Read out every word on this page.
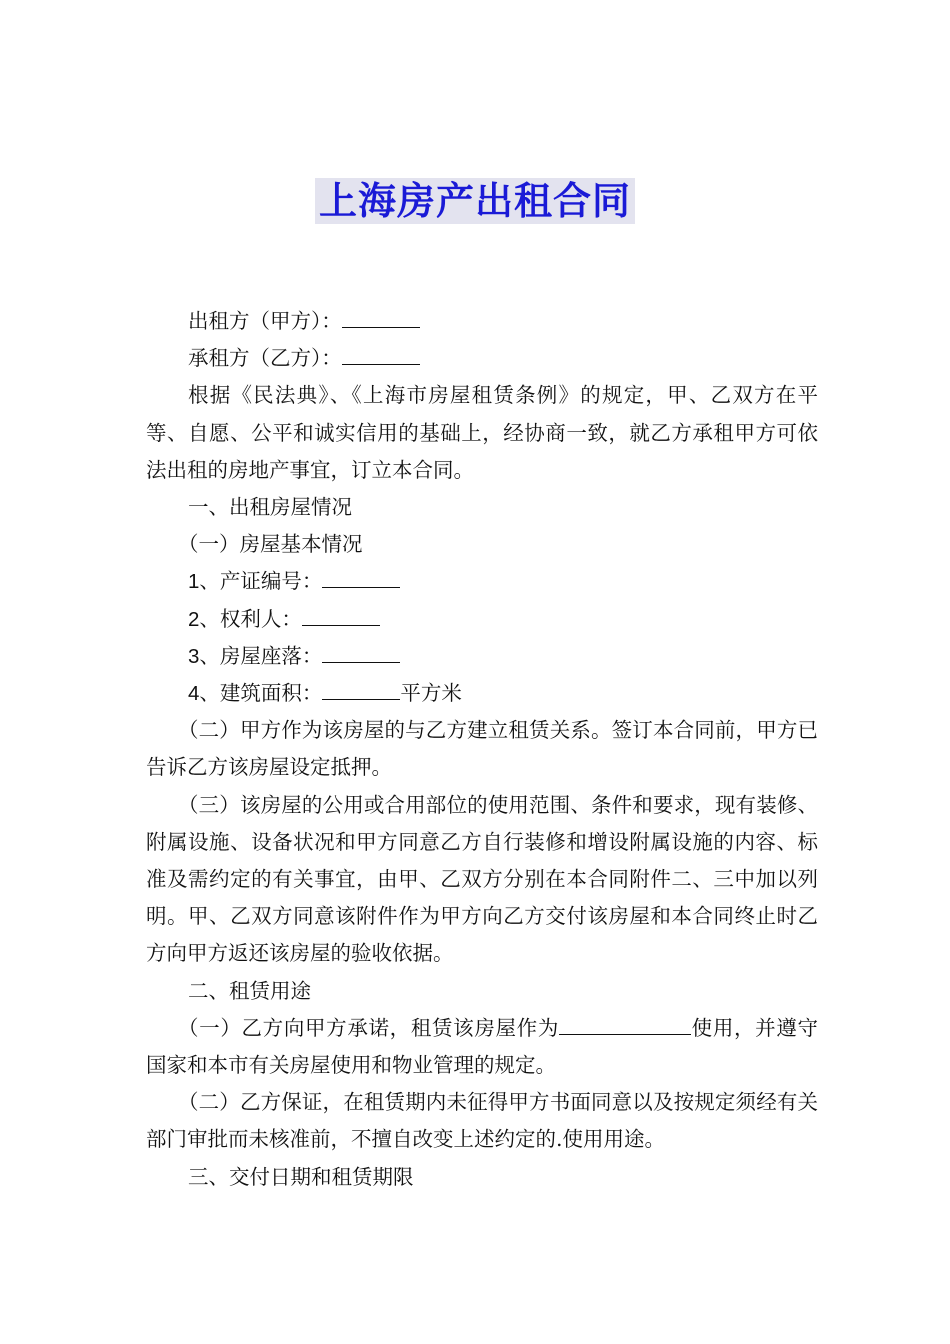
上海房产出租合同

出租方（甲方）：

承租方（乙方）：

根据《民法典》、《上海市房屋租赁条例》的规定，甲、乙双方在平等、自愿、公平和诚实信用的基础上，经协商一致，就乙方承租甲方可依法出租的房地产事宜，订立本合同。

一、出租房屋情况

（一）房屋基本情况

1、产证编号：

2、权利人：

3、房屋座落：

4、建筑面积：	平方米

（二）甲方作为该房屋的与乙方建立租赁关系。签订本合同前，甲方已告诉乙方该房屋设定抵押。

（三）该房屋的公用或合用部位的使用范围、条件和要求，现有装修、附属设施、设备状况和甲方同意乙方自行装修和增设附属设施的内容、标准及需约定的有关事宜，由甲、乙双方分别在本合同附件二、三中加以列明。甲、乙双方同意该附件作为甲方向乙方交付该房屋和本合同终止时乙方向甲方返还该房屋的验收依据。

二、租赁用途

（一）乙方向甲方承诺，租赁该房屋作为	使用，并遵守国家和本市有关房屋使用和物业管理的规定。

（二）乙方保证，在租赁期内未征得甲方书面同意以及按规定须经有关部门审批而未核准前，不擅自改变上述约定的.使用用途。

三、交付日期和租赁期限
